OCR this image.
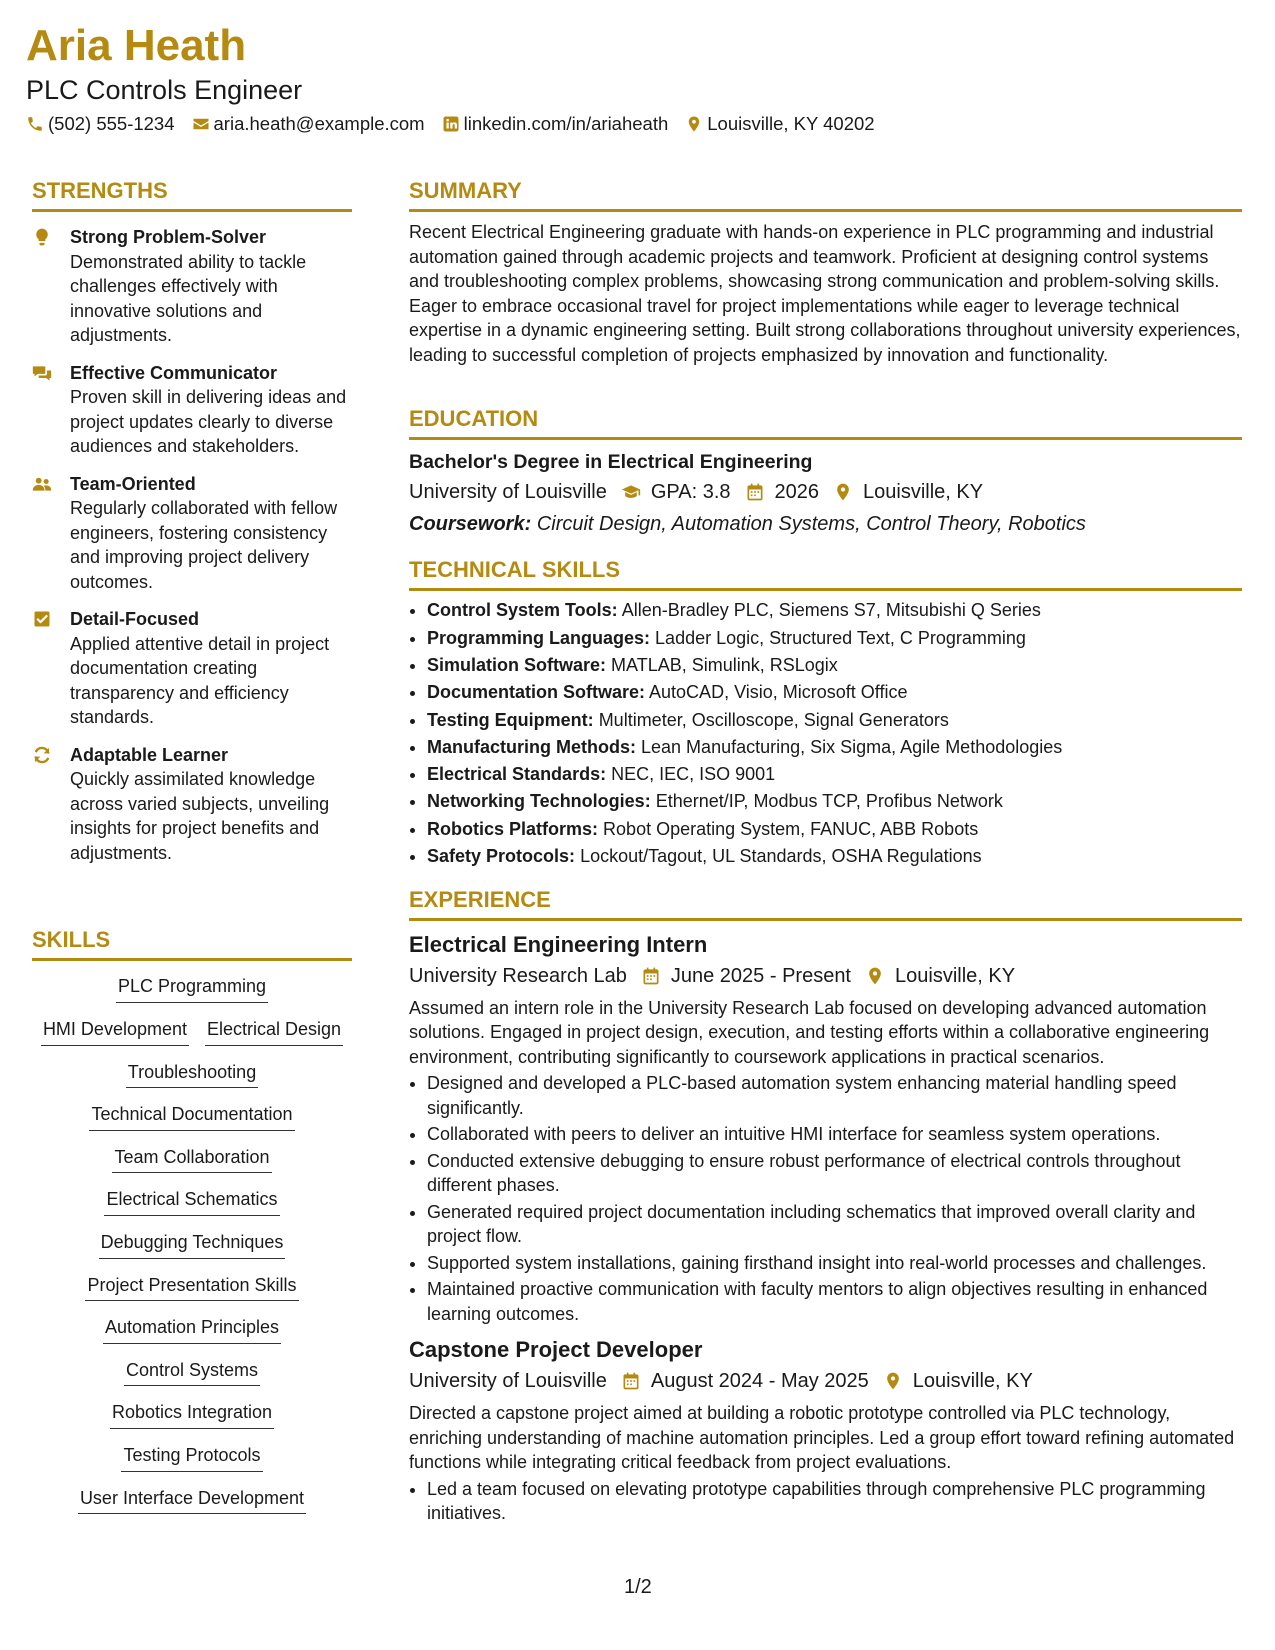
Aria Heath
PLC Controls Engineer
(502) 555-1234 aria.heath@example.com linkedin.com/in/ariaheath Louisville, KY 40202
STRENGTHS
Strong Problem-Solver
Demonstrated ability to tackle challenges effectively with innovative solutions and adjustments.
Effective Communicator
Proven skill in delivering ideas and project updates clearly to diverse audiences and stakeholders.
Team-Oriented
Regularly collaborated with fellow engineers, fostering consistency and improving project delivery outcomes.
Detail-Focused
Applied attentive detail in project documentation creating transparency and efficiency standards.
Adaptable Learner
Quickly assimilated knowledge across varied subjects, unveiling insights for project benefits and adjustments.
SKILLS
PLC Programming
HMI Development Electrical Design
Troubleshooting
Technical Documentation
Team Collaboration
Electrical Schematics
Debugging Techniques
Project Presentation Skills
Automation Principles
Control Systems
Robotics Integration
Testing Protocols
User Interface Development
SUMMARY

Recent Electrical Engineering graduate with hands-on experience in PLC programming and industrial automation gained through academic projects and teamwork. Proficient at designing control systems and troubleshooting complex problems, showcasing strong communication and problem-solving skills. Eager to embrace occasional travel for project implementations while eager to leverage technical expertise in a dynamic engineering setting. Built strong collaborations throughout university experiences, leading to successful completion of projects emphasized by innovation and functionality.

EDUCATION
Bachelor's Degree in Electrical Engineering
University of Louisville GPA: 3.8 2026 Louisville, KY
Coursework: Circuit Design, Automation Systems, Control Theory, Robotics
TECHNICAL SKILLS
• Control System Tools: Allen-Bradley PLC, Siemens S7, Mitsubishi Q Series
• Programming Languages: Ladder Logic, Structured Text, C Programming
• Simulation Software: MATLAB, Simulink, RSLogix
• Documentation Software: AutoCAD, Visio, Microsoft Office
• Testing Equipment: Multimeter, Oscilloscope, Signal Generators
• Manufacturing Methods: Lean Manufacturing, Six Sigma, Agile Methodologies
• Electrical Standards: NEC, IEC, ISO 9001
• Networking Technologies: Ethernet/IP, Modbus TCP, Profibus Network
• Robotics Platforms: Robot Operating System, FANUC, ABB Robots
• Safety Protocols: Lockout/Tagout, UL Standards, OSHA Regulations
EXPERIENCE
Electrical Engineering Intern
University Research Lab June 2025 - Present Louisville, KY

Assumed an intern role in the University Research Lab focused on developing advanced automation solutions. Engaged in project design, execution, and testing efforts within a collaborative engineering environment, contributing significantly to coursework applications in practical scenarios.

• Designed and developed a PLC-based automation system enhancing material handling speed significantly.
• Collaborated with peers to deliver an intuitive HMI interface for seamless system operations.
• Conducted extensive debugging to ensure robust performance of electrical controls throughout different phases.
• Generated required project documentation including schematics that improved overall clarity and project flow.
• Supported system installations, gaining firsthand insight into real-world processes and challenges.
• Maintained proactive communication with faculty mentors to align objectives resulting in enhanced learning outcomes.
Capstone Project Developer
University of Louisville August 2024 - May 2025 Louisville, KY

Directed a capstone project aimed at building a robotic prototype controlled via PLC technology, enriching understanding of machine automation principles. Led a group effort toward refining automated functions while integrating critical feedback from project evaluations.

• Led a team focused on elevating prototype capabilities through comprehensive PLC programming initiatives.
1/2
